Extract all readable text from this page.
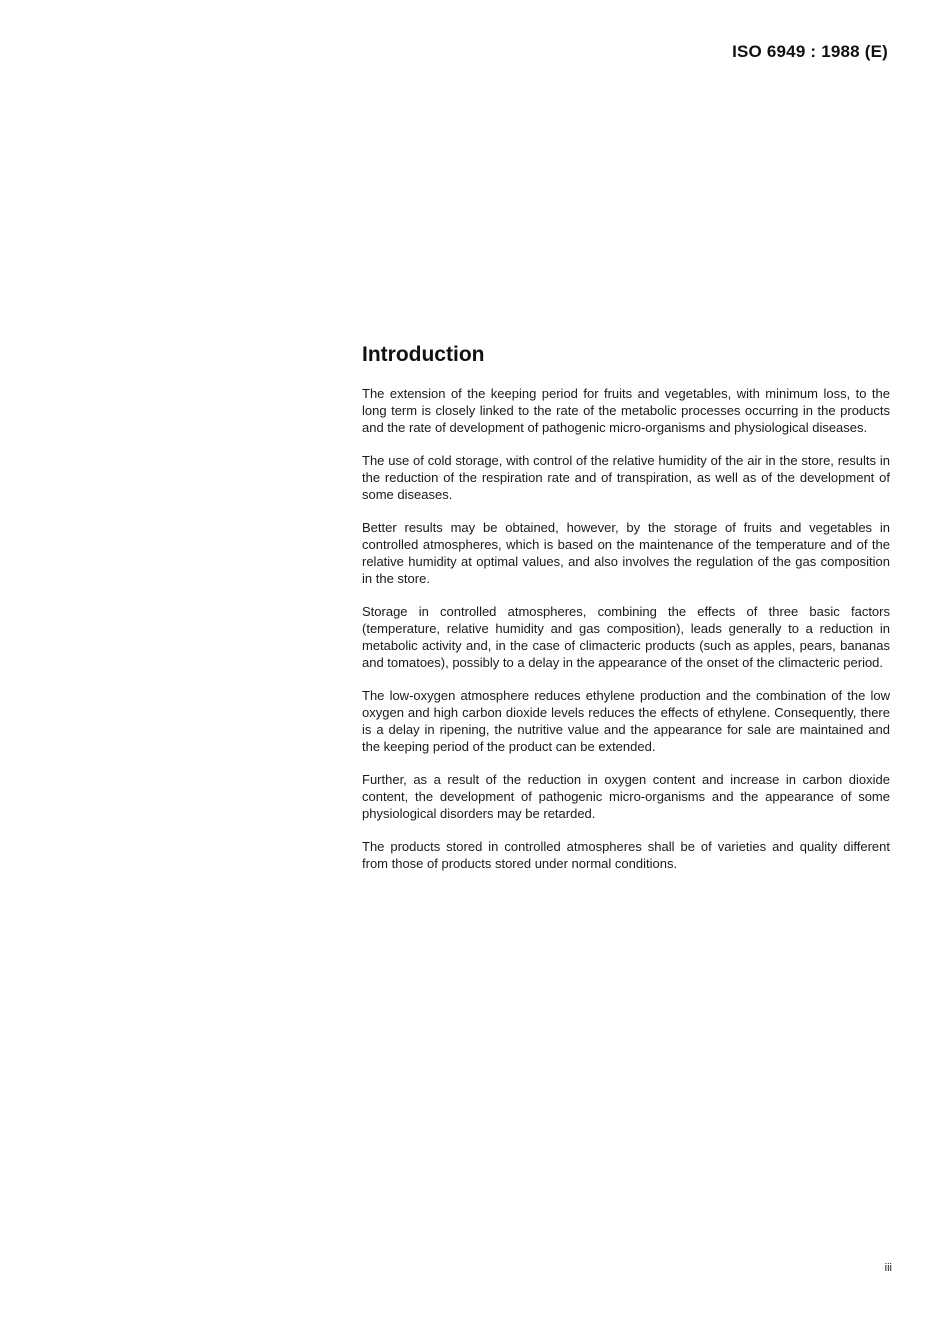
ISO 6949 : 1988 (E)
Introduction

The extension of the keeping period for fruits and vegetables, with minimum loss, to the long term is closely linked to the rate of the metabolic processes occurring in the products and the rate of development of pathogenic micro-organisms and physiological diseases.

The use of cold storage, with control of the relative humidity of the air in the store, results in the reduction of the respiration rate and of transpiration, as well as of the development of some diseases.

Better results may be obtained, however, by the storage of fruits and vegetables in controlled atmospheres, which is based on the maintenance of the temperature and of the relative humidity at optimal values, and also involves the regulation of the gas composition in the store.

Storage in controlled atmospheres, combining the effects of three basic factors (temperature, relative humidity and gas composition), leads generally to a reduction in metabolic activity and, in the case of climacteric products (such as apples, pears, bananas and tomatoes), possibly to a delay in the appearance of the onset of the climacteric period.

The low-oxygen atmosphere reduces ethylene production and the combination of the low oxygen and high carbon dioxide levels reduces the effects of ethylene. Consequently, there is a delay in ripening, the nutritive value and the appearance for sale are maintained and the keeping period of the product can be extended.

Further, as a result of the reduction in oxygen content and increase in carbon dioxide content, the development of pathogenic micro-organisms and the appearance of some physiological disorders may be retarded.

The products stored in controlled atmospheres shall be of varieties and quality different from those of products stored under normal conditions.

iii
